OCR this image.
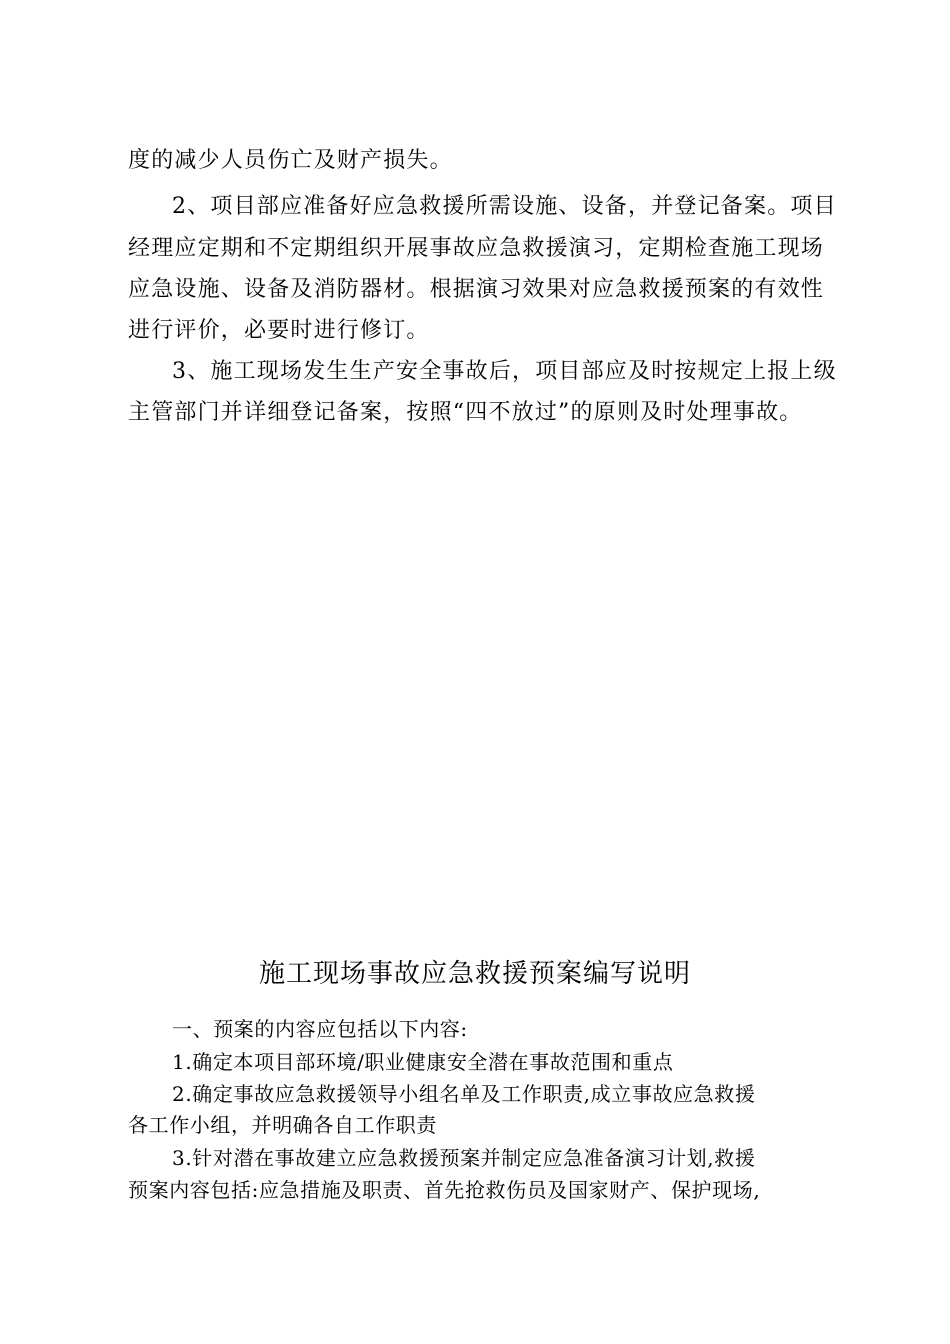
度的减少人员伤亡及财产损失。
2、项目部应准备好应急救援所需设施、设备，并登记备案。项目
经理应定期和不定期组织开展事故应急救援演习，定期检查施工现场
应急设施、设备及消防器材。根据演习效果对应急救援预案的有效性
进行评价，必要时进行修订。
3、施工现场发生生产安全事故后，项目部应及时按规定上报上级
主管部门并详细登记备案，按照“四不放过”的原则及时处理事故。
施工现场事故应急救援预案编写说明
一、预案的内容应包括以下内容:
1.确定本项目部环境/职业健康安全潜在事故范围和重点
2.确定事故应急救援领导小组名单及工作职责,成立事故应急救援
各工作小组，并明确各自工作职责
3.针对潜在事故建立应急救援预案并制定应急准备演习计划,救援
预案内容包括:应急措施及职责、首先抢救伤员及国家财产、保护现场,
